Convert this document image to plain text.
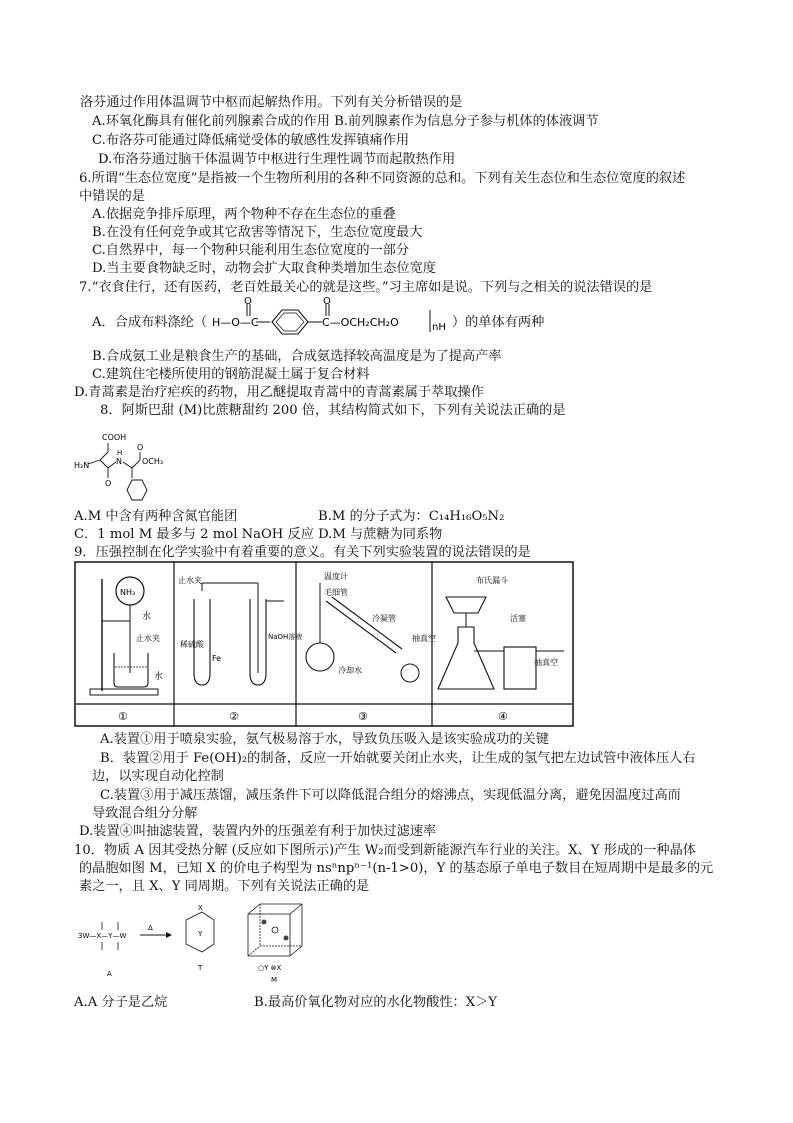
洛芬通过作用体温调节中枢而起解热作用。下列有关分析错误的是
A.环氧化酶具有催化前列腺素合成的作用 B.前列腺素作为信息分子参与机体的体液调节
C.布洛芬可能通过降低痛觉受体的敏感性发挥镇痛作用
D.布洛芬通过脑干体温调节中枢进行生理性调节而起散热作用
6.所谓“生态位宽度”是指被一个生物所利用的各种不同资源的总和。下列有关生态位和生态位宽度的叙述
中错误的是
A.依据竞争排斥原理，两个物种不存在生态位的重叠
B.在没有任何竞争或其它敌害等情况下，生态位宽度最大
C.自然界中，每一个物种只能利用生态位宽度的一部分
D.当主要食物缺乏时，动物会扩大取食种类增加生态位宽度
7.“衣食住行，还有医药，老百姓最关心的就是这些。”习主席如是说。下列与之相关的说法错误的是
A．合成布料涤纶（ H—O—C
O	O
C—OCH₂CH₂O	nH ）的单体有两种
B.合成氨工业是粮食生产的基础，合成氨选择较高温度是为了提高产率
C.建筑住宅楼所使用的钢筋混凝土属于复合材料
D.青蒿素是治疗疟疾的药物，用乙醚提取青蒿中的青蒿素属于萃取操作
8．阿斯巴甜 (M)比蔗糖甜约 200 倍，其结构简式如下，下列有关说法正确的是
COOH
H₂N
O
N
H
O
OCH₃
A.M 中含有两种含氮官能团	B.M 的分子式为：C₁₄H₁₆O₅N₂
C．1 mol M 最多与 2 mol NaOH 反应 D.M 与蔗糖为同系物
9．压强控制在化学实验中有着重要的意义。有关下列实验装置的说法错误的是
NH₃
水
止水夹
水
①
止水夹
稀硫酸
Fe
NaOH溶液
②
温度计
毛细管
冷凝管
冷却水
抽真空
③
布氏漏斗
活塞
抽真空
④
A.装置①用于喷泉实验，氨气极易溶于水，导致负压吸入是该实验成功的关键
B．装置②用于 Fe(OH)₂的制备，反应一开始就要关闭止水夹，让生成的氢气把左边试管中液体压人右
边，以实现自动化控制
C.装置③用于减压蒸馏，减压条件下可以降低混合组分的熔沸点，实现低温分离，避免因温度过高而
导致混合组分分解
D.装置④叫抽滤装置，装置内外的压强差有利于加快过滤速率
10．物质 A 因其受热分解 (反应如下图所示)产生 W₂而受到新能源汽车行业的关注。X、Y 形成的一种晶体
的晶胞如图 M，已知 X 的价电子构型为 nsⁿnpⁿ⁻¹(n-1>0)，Y 的基态原子单电子数目在短周期中是最多的元
素之一，且 X、Y 同周期。下列有关说法正确的是
3W—X—Y—W
A
Δ
X
Y
T	○Y ⊗X
M
A.A 分子是乙烷	B.最高价氧化物对应的水化物酸性：X＞Y
